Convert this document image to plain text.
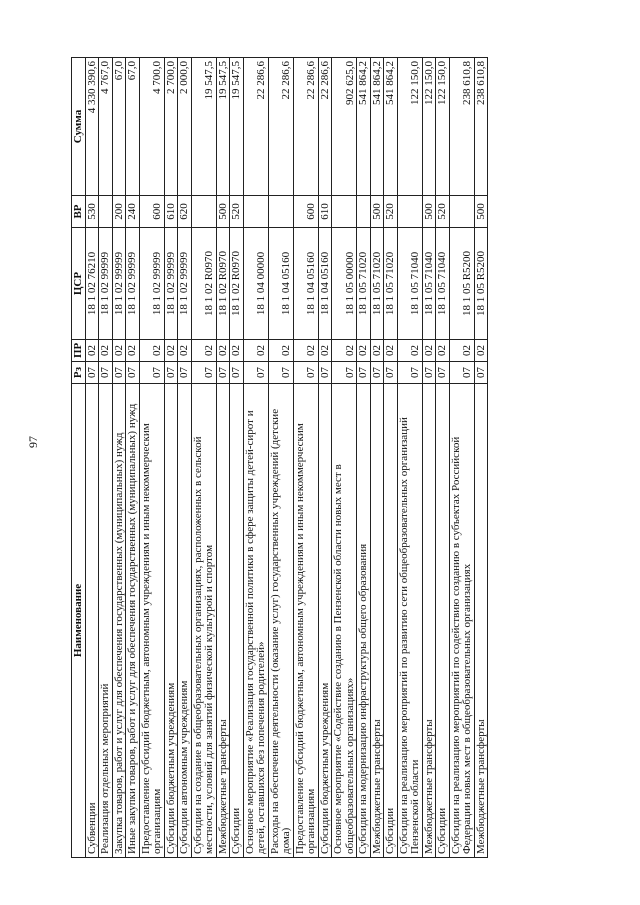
97
Наименование	Рз	ПР	ЦСР	ВР	Сумма
Субвенции	07	02	18 1 02 76210	530	4 330 390,6
Реализация отдельных мероприятий	07	02	18 1 02 99999		4 767,0
Закупка товаров, работ и услуг для обеспечения государственных (муниципальных) нужд	07	02	18 1 02 99999	200	67,0
Иные закупки товаров, работ и услуг для обеспечения государственных (муниципальных) нужд	07	02	18 1 02 99999	240	67,0
Предоставление субсидий бюджетным, автономным учреждениям и иным некоммерческим организациям	07	02	18 1 02 99999	600	4 700,0
Субсидии бюджетным учреждениям	07	02	18 1 02 99999	610	2 700,0
Субсидии автономным учреждениям	07	02	18 1 02 99999	620	2 000,0
Субсидии на создание в общеобразовательных организациях, расположенных в сельской местности, условий для занятий физической культурой и спортом	07	02	18 1 02 R0970		19 547,5
Межбюджетные трансферты	07	02	18 1 02 R0970	500	19 547,5
Субсидии	07	02	18 1 02 R0970	520	19 547,5
Основное мероприятие «Реализация государственной политики в сфере защиты детей-сирот и детей, оставшихся без попечения родителей»	07	02	18 1 04 00000		22 286,6
Расходы на обеспечение деятельности (оказание услуг) государственных учреждений (детские дома)	07	02	18 1 04 05160		22 286,6
Предоставление субсидий бюджетным, автономным учреждениям и иным некоммерческим организациям	07	02	18 1 04 05160	600	22 286,6
Субсидии бюджетным учреждениям	07	02	18 1 04 05160	610	22 286,6
Основное мероприятие «Содействие созданию в Пензенской области новых мест в общеобразовательных организациях»	07	02	18 1 05 00000		902 625,0
Субсидии на модернизацию инфраструктуры общего образования	07	02	18 1 05 71020		541 864,2
Межбюджетные трансферты	07	02	18 1 05 71020	500	541 864,2
Субсидии	07	02	18 1 05 71020	520	541 864,2
Субсидии на реализацию мероприятий по развитию сети общеобразовательных организаций Пензенской области	07	02	18 1 05 71040		122 150,0
Межбюджетные трансферты	07	02	18 1 05 71040	500	122 150,0
Субсидии	07	02	18 1 05 71040	520	122 150,0
Субсидии на реализацию мероприятий по содействию созданию в субъектах Российской Федерации новых мест в общеобразовательных организациях	07	02	18 1 05 R5200		238 610,8
Межбюджетные трансферты	07	02	18 1 05 R5200	500	238 610,8
